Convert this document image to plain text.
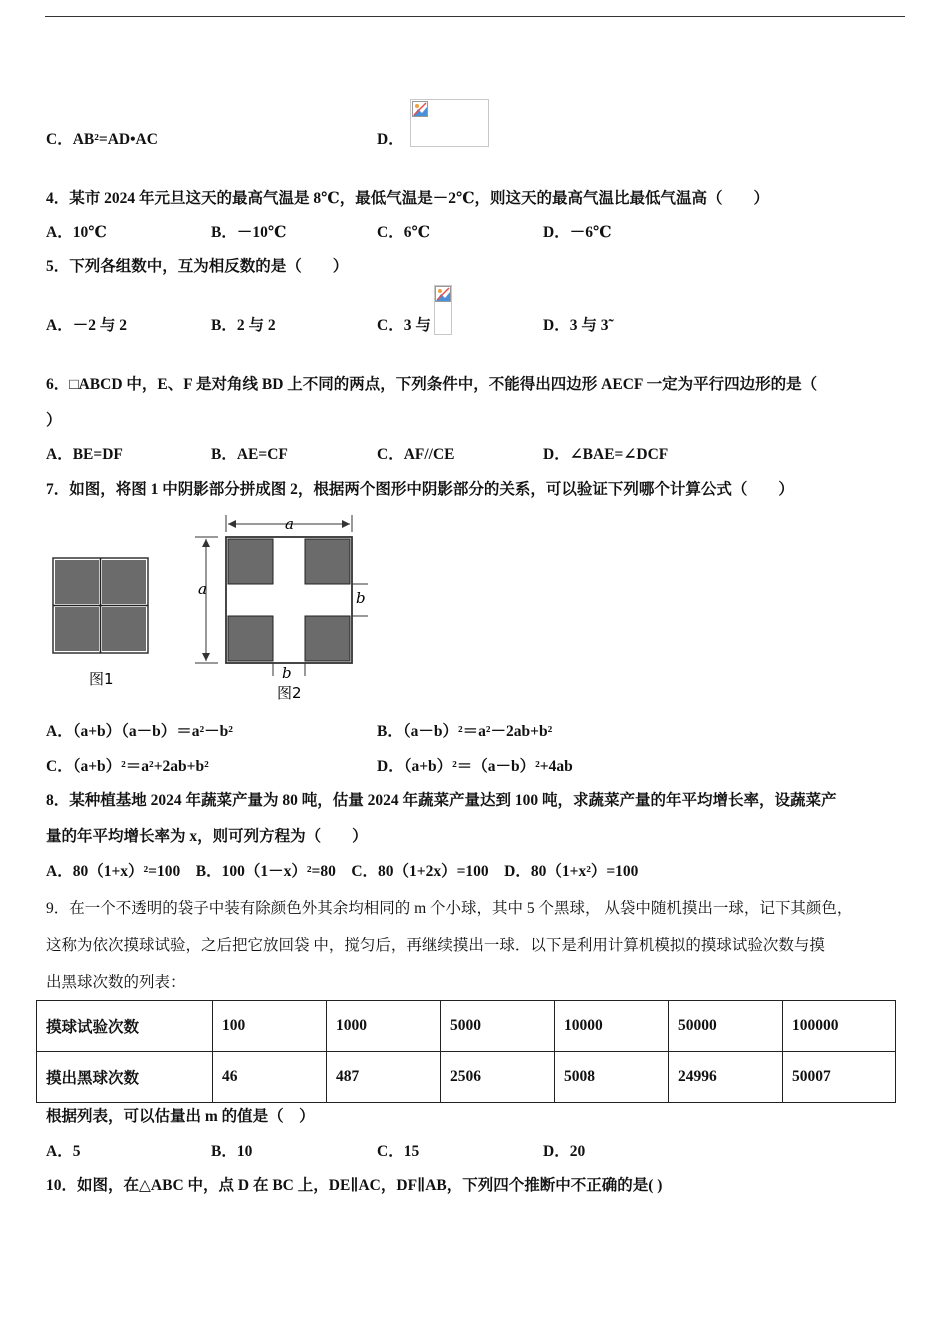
C．AB²=AD•AC	D．
4．某市 2024 年元旦这天的最高气温是 8℃，最低气温是－2℃，则这天的最高气温比最低气温高（　　）
A．10℃	B．－10℃	C．6℃	D．－6℃
5．下列各组数中，互为相反数的是（　　）
A．－2 与 2	B．2 与 2	C．3 与	D．3 与 3̃
6．□ABCD 中，E、F 是对角线 BD 上不同的两点，下列条件中，不能得出四边形 AECF 一定为平行四边形的是（
）
A．BE=DF	B．AE=CF	C．AF//CE	D．∠BAE=∠DCF
7．如图，将图 1 中阴影部分拼成图 2，根据两个图形中阴影部分的关系，可以验证下列哪个计算公式（　　）
图1
a
a	b
b
图2
A．（a+b）（a－b）＝a²－b²	B．（a－b）²＝a²－2ab+b²
C．（a+b）²＝a²+2ab+b²	D．（a+b）²＝（a－b）²+4ab
8．某种植基地 2024 年蔬菜产量为 80 吨，估量 2024 年蔬菜产量达到 100 吨，求蔬菜产量的年平均增长率，设蔬菜产
量的年平均增长率为 x，则可列方程为（　　）
A．80（1+x）²=100　B．100（1－x）²=80　C．80（1+2x）=100　D．80（1+x²）=100
9．在一个不透明的袋子中装有除颜色外其余均相同的 m 个小球，其中 5 个黑球， 从袋中随机摸出一球，记下其颜色，
这称为依次摸球试验，之后把它放回袋 中，搅匀后，再继续摸出一球．以下是利用计算机模拟的摸球试验次数与摸
出黑球次数的列表：
摸球试验次数	100	1000	5000	10000	50000	100000
摸出黑球次数	46	487	2506	5008	24996	50007
根据列表，可以估量出 m 的值是（　）
A．5	B．10	C．15	D．20
10．如图，在△ABC 中，点 D 在 BC 上，DE∥AC，DF∥AB，下列四个推断中不正确的是( )
